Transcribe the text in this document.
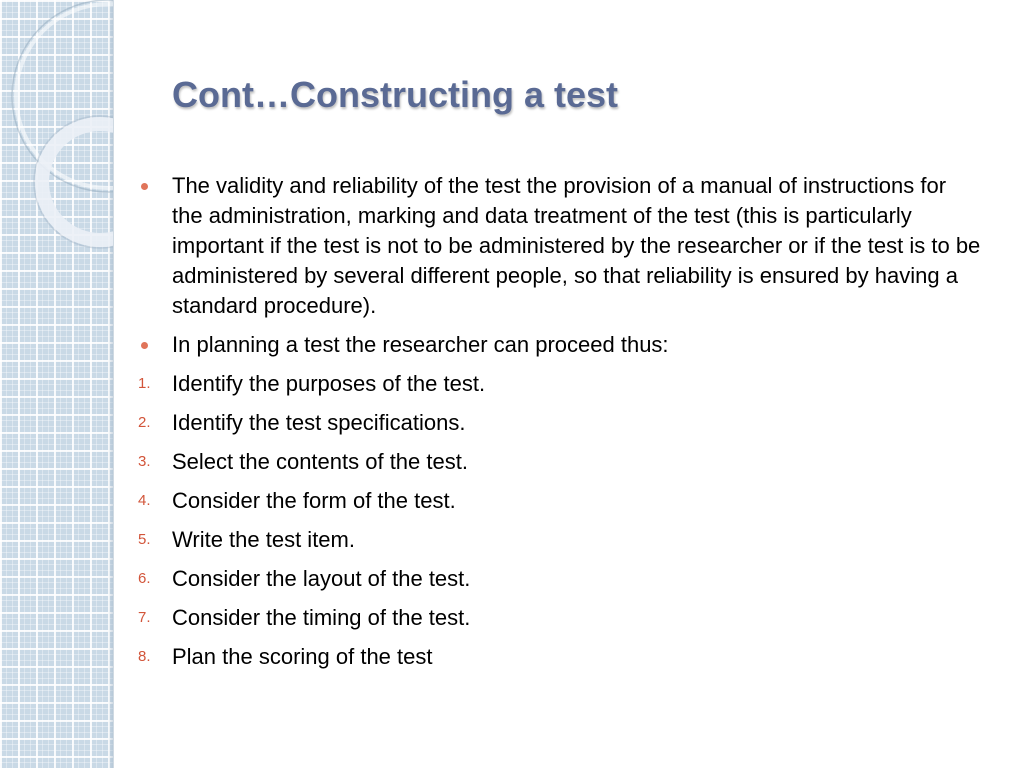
Cont…Constructing a test
The validity and reliability of the test the provision of a manual of instructions for the administration, marking and data treatment of the test (this is particularly important if the test is not to be administered by the researcher or if the test is to be administered by several different people, so that reliability is ensured by having a standard procedure).
In planning a test the researcher can proceed thus:
1. Identify the purposes of the test.
2. Identify the test specifications.
3. Select the contents of the test.
4. Consider the form of the test.
5. Write the test item.
6. Consider the layout of the test.
7. Consider the timing of the test.
8. Plan the scoring of the test
